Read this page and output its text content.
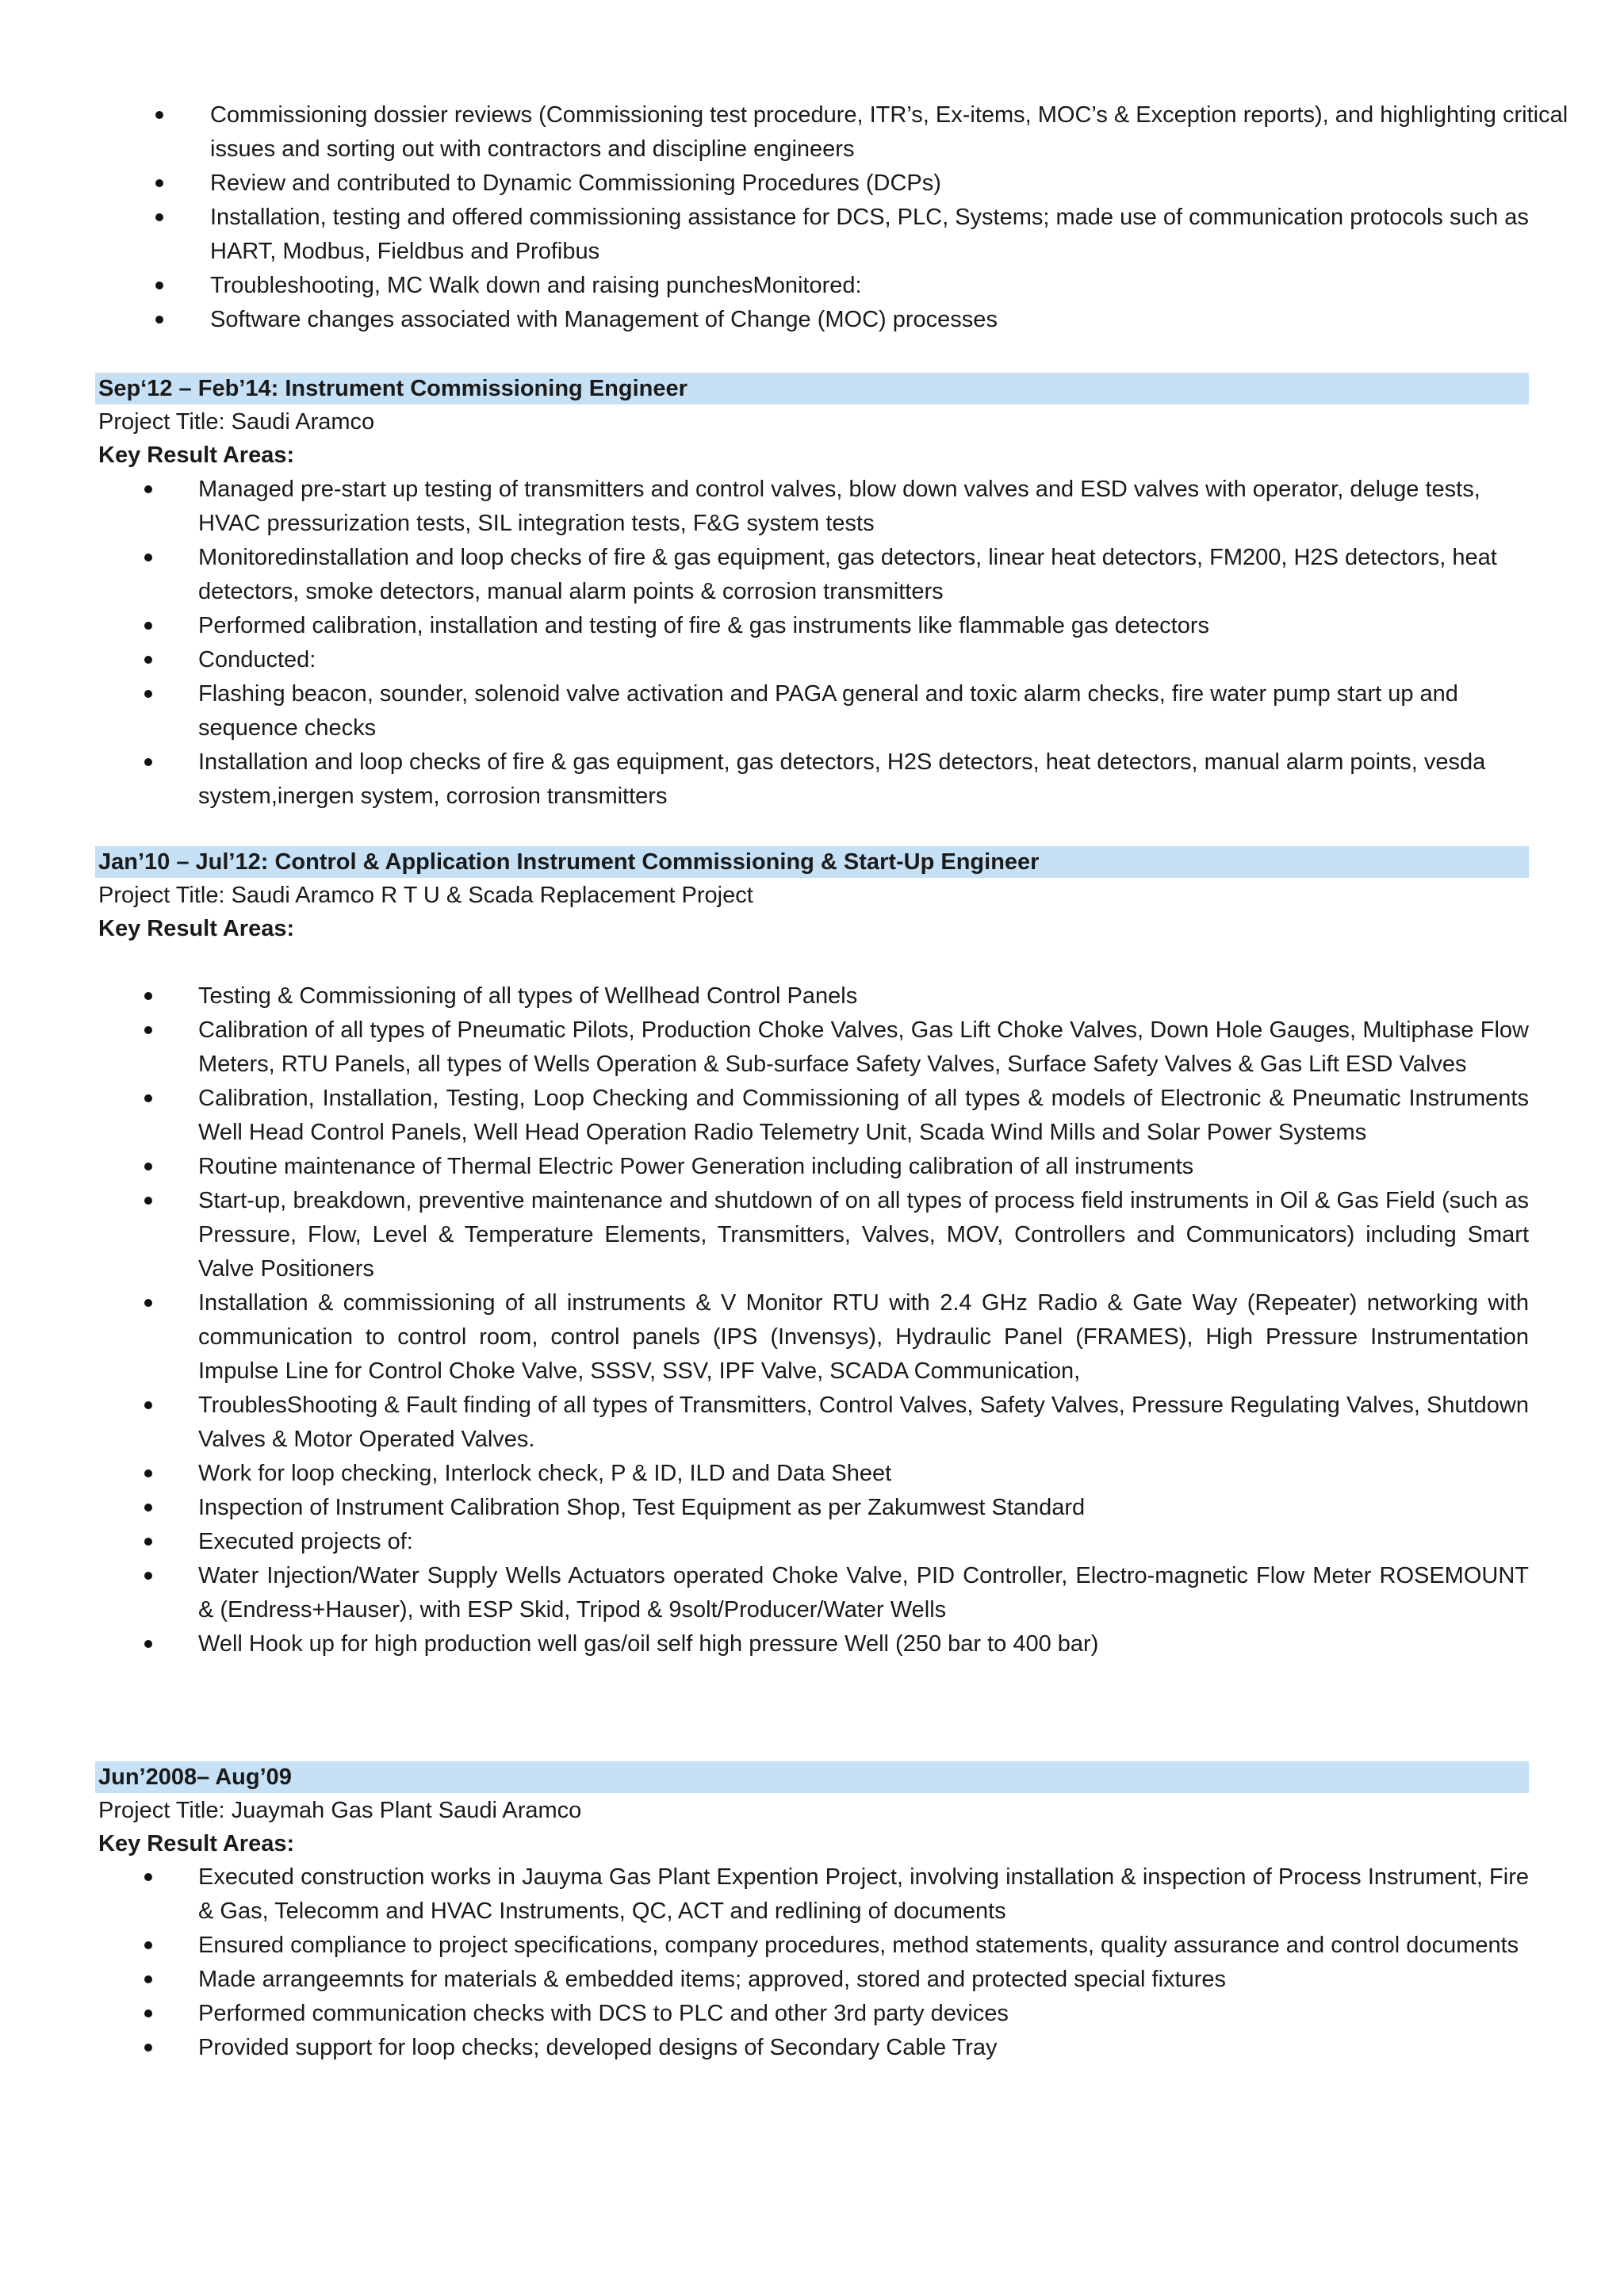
Commissioning dossier reviews (Commissioning test procedure, ITR’s, Ex-items, MOC’s & Exception reports), and highlighting critical issues and sorting out with contractors and discipline engineers
Review and contributed to Dynamic Commissioning Procedures (DCPs)
Installation, testing and offered commissioning assistance for DCS, PLC, Systems; made use of communication protocols such as HART, Modbus, Fieldbus and Profibus
Troubleshooting, MC Walk down and raising punchesMonitored:
Software changes associated with Management of Change (MOC) processes
Sep‘12 – Feb’14: Instrument Commissioning Engineer
Project Title: Saudi Aramco
Key Result Areas:
Managed pre-start up testing of transmitters and control valves, blow down valves and ESD valves with operator, deluge tests, HVAC pressurization tests, SIL integration tests, F&G system tests
Monitoredinstallation and loop checks of fire & gas equipment, gas detectors, linear heat detectors, FM200, H2S detectors, heat detectors, smoke detectors, manual alarm points & corrosion transmitters
Performed calibration, installation and testing of fire & gas instruments like flammable gas detectors
Conducted:
Flashing beacon, sounder, solenoid valve activation and PAGA general and toxic alarm checks, fire water pump start up and sequence checks
Installation and loop checks of fire & gas equipment, gas detectors, H2S detectors, heat detectors, manual alarm points, vesda system,inergen system, corrosion transmitters
Jan’10 – Jul’12: Control & Application Instrument Commissioning & Start-Up Engineer
Project Title: Saudi Aramco R T U & Scada Replacement Project
Key Result Areas:
Testing & Commissioning of all types of Wellhead Control Panels
Calibration of all types of Pneumatic Pilots, Production Choke Valves, Gas Lift Choke Valves, Down Hole Gauges, Multiphase Flow Meters, RTU Panels, all types of Wells Operation & Sub-surface Safety Valves, Surface Safety Valves & Gas Lift ESD Valves
Calibration, Installation, Testing, Loop Checking and Commissioning of all types & models of Electronic & Pneumatic Instruments Well Head Control Panels, Well Head Operation Radio Telemetry Unit, Scada Wind Mills and Solar Power Systems
Routine maintenance of Thermal Electric Power Generation including calibration of all instruments
Start-up, breakdown, preventive maintenance and shutdown of on all types of process field instruments in Oil & Gas Field (such as Pressure, Flow, Level & Temperature Elements, Transmitters, Valves, MOV, Controllers and Communicators) including Smart Valve Positioners
Installation & commissioning of all instruments & V Monitor RTU with 2.4 GHz Radio & Gate Way (Repeater) networking with communication to control room, control panels (IPS (Invensys), Hydraulic Panel (FRAMES), High Pressure Instrumentation Impulse Line for Control Choke Valve, SSSV, SSV, IPF Valve, SCADA Communication,
TroublesShooting & Fault finding of all types of Transmitters, Control Valves, Safety Valves, Pressure Regulating Valves, Shutdown Valves & Motor Operated Valves.
Work for loop checking, Interlock check, P & ID, ILD and Data Sheet
Inspection of Instrument Calibration Shop, Test Equipment as per Zakumwest Standard
Executed projects of:
Water Injection/Water Supply Wells Actuators operated Choke Valve, PID Controller, Electro-magnetic Flow Meter ROSEMOUNT & (Endress+Hauser), with ESP Skid, Tripod & 9solt/Producer/Water Wells
Well Hook up for high production well gas/oil self high pressure Well (250 bar to 400 bar)
Jun’2008– Aug’09
Project Title: Juaymah Gas Plant Saudi Aramco
Key Result Areas:
Executed construction works in Jauyma Gas Plant Expention Project, involving installation & inspection of Process Instrument, Fire & Gas, Telecomm and HVAC Instruments, QC, ACT and redlining of documents
Ensured compliance to project specifications, company procedures, method statements, quality assurance and control documents
Made arrangeemnts for materials & embedded items; approved, stored and protected special fixtures
Performed communication checks with DCS to PLC and other 3rd party devices
Provided support for loop checks; developed designs of Secondary Cable Tray
